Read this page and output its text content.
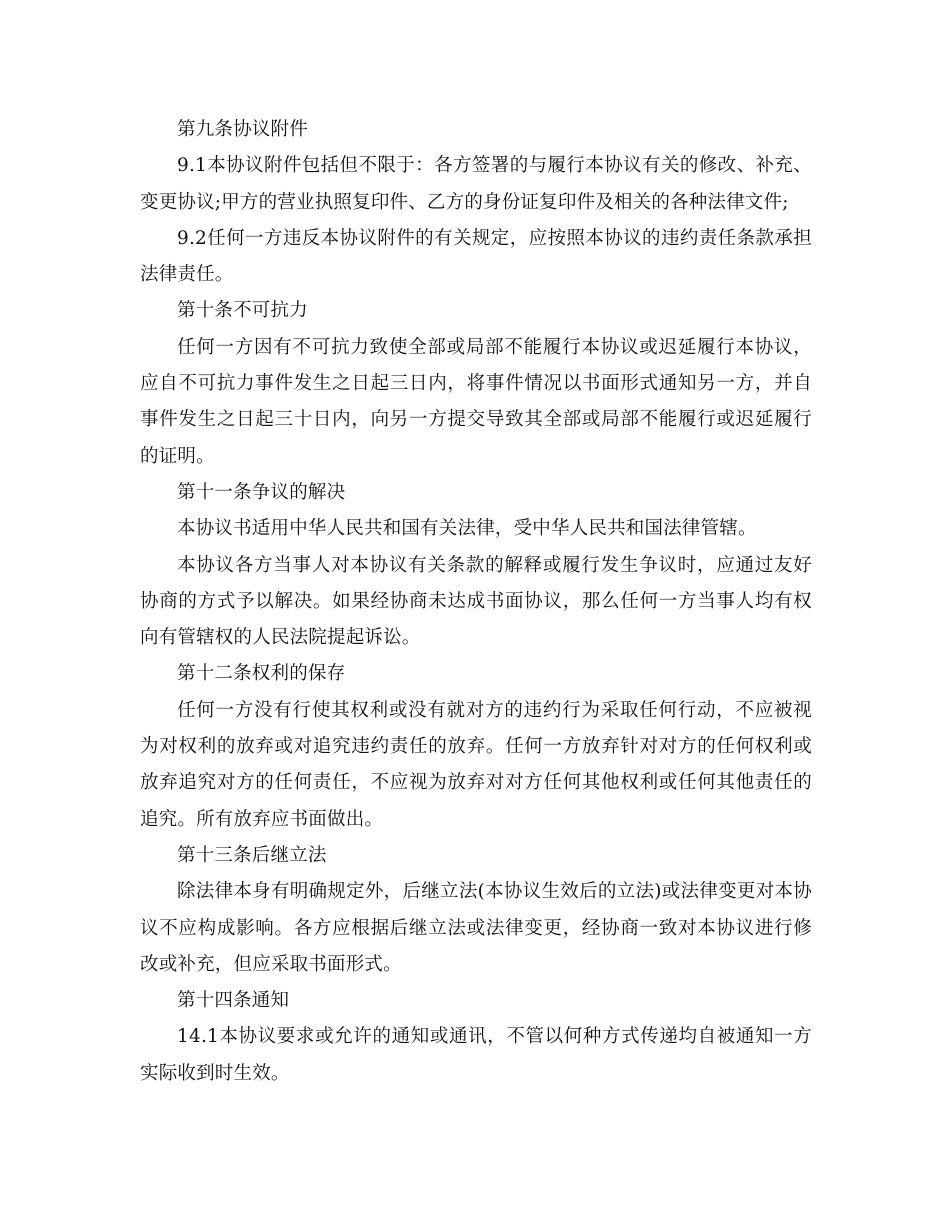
第九条协议附件

9.1本协议附件包括但不限于：各方签署的与履行本协议有关的修改、补充、变更协议;甲方的营业执照复印件、乙方的身份证复印件及相关的各种法律文件;

9.2任何一方违反本协议附件的有关规定，应按照本协议的违约责任条款承担法律责任。

第十条不可抗力

任何一方因有不可抗力致使全部或局部不能履行本协议或迟延履行本协议，应自不可抗力事件发生之日起三日内，将事件情况以书面形式通知另一方，并自事件发生之日起三十日内，向另一方提交导致其全部或局部不能履行或迟延履行的证明。

第十一条争议的解决

本协议书适用中华人民共和国有关法律，受中华人民共和国法律管辖。

本协议各方当事人对本协议有关条款的解释或履行发生争议时，应通过友好协商的方式予以解决。如果经协商未达成书面协议，那么任何一方当事人均有权向有管辖权的人民法院提起诉讼。

第十二条权利的保存

任何一方没有行使其权利或没有就对方的违约行为采取任何行动，不应被视为对权利的放弃或对追究违约责任的放弃。任何一方放弃针对对方的任何权利或放弃追究对方的任何责任，不应视为放弃对对方任何其他权利或任何其他责任的追究。所有放弃应书面做出。

第十三条后继立法

除法律本身有明确规定外，后继立法(本协议生效后的立法)或法律变更对本协议不应构成影响。各方应根据后继立法或法律变更，经协商一致对本协议进行修改或补充，但应采取书面形式。

第十四条通知

14.1本协议要求或允许的通知或通讯，不管以何种方式传递均自被通知一方实际收到时生效。
